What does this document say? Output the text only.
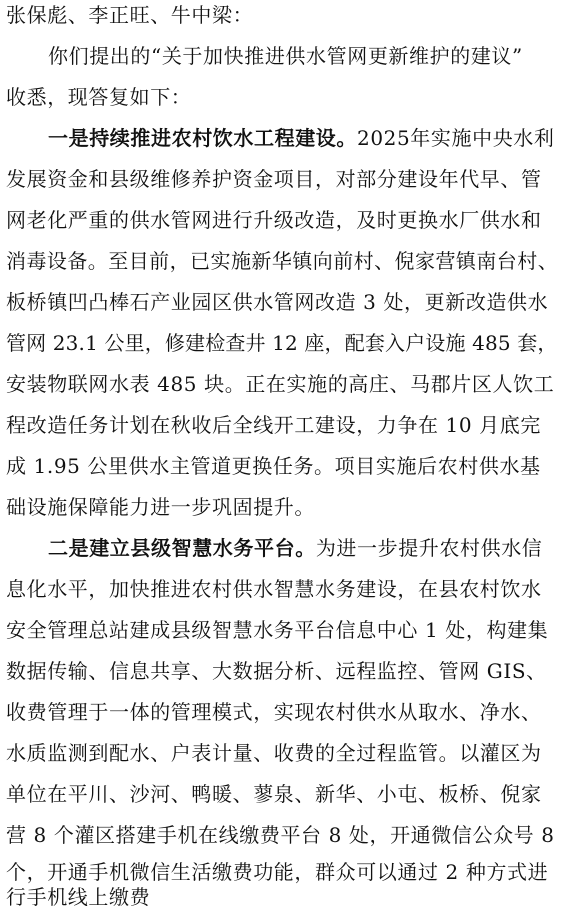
张保彪、李正旺、牛中梁：
你们提出的“关于加快推进供水管网更新维护的建议”
收悉，现答复如下：
一是持续推进农村饮水工程建设。2025年实施中央水利
发展资金和县级维修养护资金项目，对部分建设年代早、管
网老化严重的供水管网进行升级改造，及时更换水厂供水和
消毒设备。至目前，已实施新华镇向前村、倪家营镇南台村、
板桥镇凹凸棒石产业园区供水管网改造 3 处，更新改造供水
管网 23.1 公里，修建检查井 12 座，配套入户设施 485 套，
安装物联网水表 485 块。正在实施的高庄、马郡片区人饮工
程改造任务计划在秋收后全线开工建设，力争在 10 月底完
成 1.95 公里供水主管道更换任务。项目实施后农村供水基
础设施保障能力进一步巩固提升。
二是建立县级智慧水务平台。为进一步提升农村供水信
息化水平，加快推进农村供水智慧水务建设，在县农村饮水
安全管理总站建成县级智慧水务平台信息中心 1 处，构建集
数据传输、信息共享、大数据分析、远程监控、管网 GIS、
收费管理于一体的管理模式，实现农村供水从取水、净水、
水质监测到配水、户表计量、收费的全过程监管。以灌区为
单位在平川、沙河、鸭暖、蓼泉、新华、小屯、板桥、倪家
营 8 个灌区搭建手机在线缴费平台 8 处，开通微信公众号 8
个，开通手机微信生活缴费功能，群众可以通过 2 种方式进
行手机线上缴费
